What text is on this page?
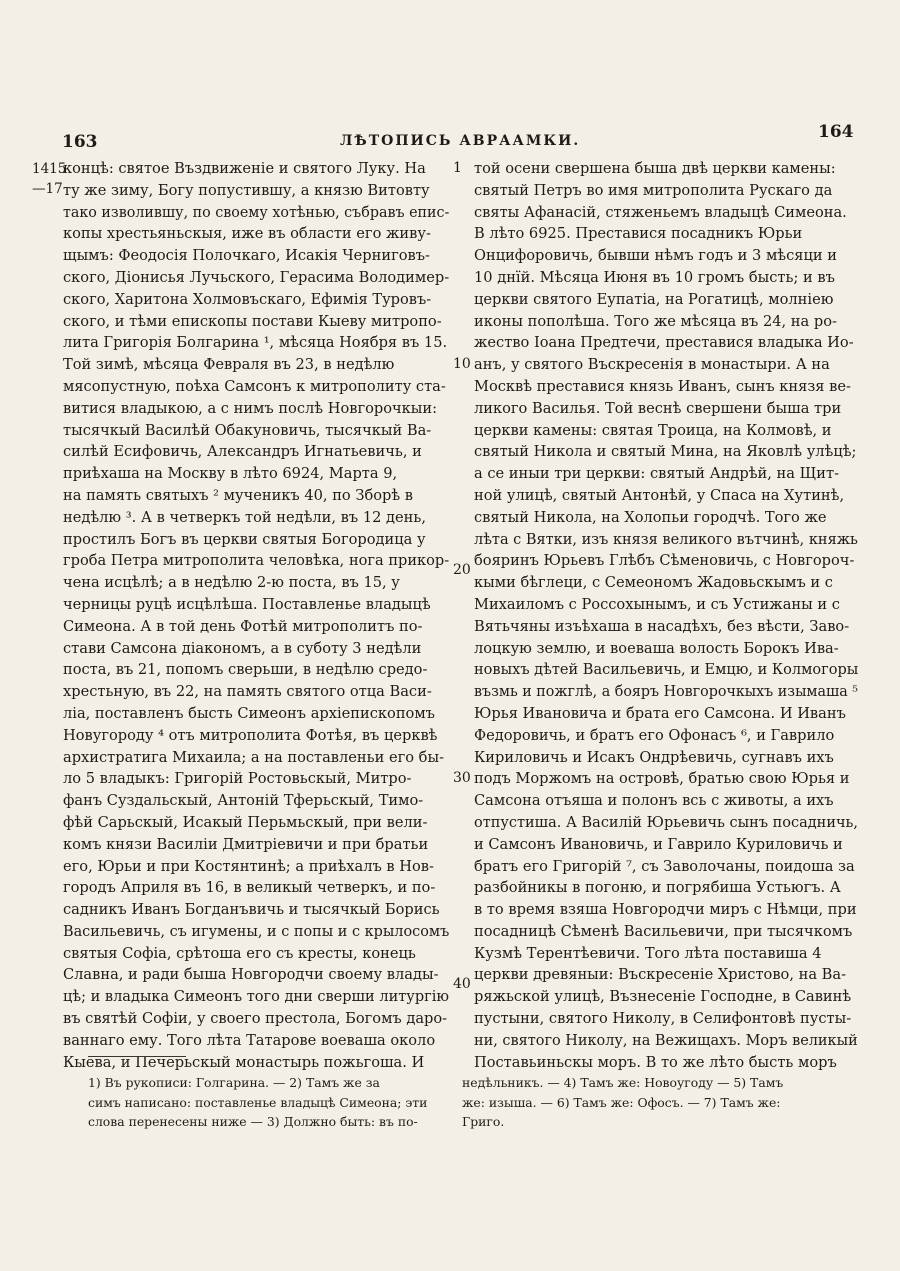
163	ЛѢТОПИСЬ АВРААМКИ.	164
1415
—17
1
10
20
30
40
концѣ: святое Въздвиженіе и святого Луку. На
ту же зиму, Богу попустившу, а князю Витовту
тако изволившу, по своему хотѣнью, събравъ епис-
копы хрестьяньскыя, иже въ области его живу-
щымъ: Феодосія Полочкаго, Исакія Черниговъ-
ского, Діонисья Лучьского, Герасима Володимер-
ского, Харитона Холмовъскаго, Ефимія Туровъ-
ского, и тѣми епископы постави Кыеву митропо-
лита Григорія Болгарина ¹, мѣсяца Ноября въ 15.
Той зимѣ, мѣсяца Февраля въ 23, в недѣлю
мясопустную, поѣха Самсонъ к митрополиту ста-
витися владыкою, а с нимъ послѣ Новгорочкыи:
тысячкый Василѣй Обакуновичь, тысячкый Ва-
силѣй Есифовичь, Александръ Игнатьевичь, и
приѣхаша на Москву в лѣто 6924, Марта 9,
на память святыхъ ² мученикъ 40, по Зборѣ в
недѣлю ³. А в четверкъ той недѣли, въ 12 день,
простилъ Богъ въ церкви святыя Богородица у
гроба Петра митрополита человѣка, нога прикор-
чена исцѣлѣ; а в недѣлю 2-ю поста, въ 15, у
черницы руцѣ исцѣлѣша. Поставленье владыцѣ
Симеона. А в той день Фотѣй митрополитъ по-
стави Самсона діакономъ, а в суботу 3 недѣли
поста, въ 21, попомъ сверьши, в недѣлю средо-
хрестьную, въ 22, на память святого отца Васи-
ліа, поставленъ бысть Симеонъ архіепископомъ
Новугороду ⁴ отъ митрополита Фотѣя, въ церквѣ
архистратига Михаила; а на поставленьи его бы-
ло 5 владыкъ: Григорій Ростовьскый, Митро-
фанъ Суздальскый, Антоній Тферьскый, Тимо-
фѣй Сарьскый, Исакый Перьмьскый, при вели-
комъ князи Василіи Дмитріевичи и при братьи
его, Юрьи и при Костянтинѣ; а приѣхалъ в Нов-
городъ Априля въ 16, в великый четверкъ, и по-
садникъ Иванъ Богданъвичь и тысячкый Борись
Васильевичь, съ игумены, и с попы и с крылосомъ
святыя Софіа, срѣтоша его съ кресты, конець
Славна, и ради быша Новгородчи своему влады-
цѣ; и владыка Симеонъ того дни сверши литургію
въ святѣй Софіи, у своего престола, Богомъ даро-
ваннаго ему. Того лѣта Татарове воеваша около
Кыева, и Печерьскый монастырь пожьгоша. И
той осени свершена быша двѣ церкви камены:
святый Петръ во имя митрополита Рускаго да
святы Афанасій, стяженьемъ владыцѣ Симеона.
В лѣто 6925. Преставися посадникъ Юрьи
Онцифоровичь, бывши нѣмъ годъ и 3 мѣсяци и
10 днїй. Мѣсяца Июня въ 10 громъ бысть; и въ
церкви святого Еупатіа, на Рогатицѣ, молніею
иконы пополѣша. Того же мѣсяца въ 24, на ро-
жество Іоана Предтечи, преставися владыка Ио-
анъ, у святого Въскресенія в монастыри. А на
Москвѣ преставися князь Иванъ, сынъ князя ве-
ликого Василья. Той веснѣ свершени быша три
церкви камены: святая Троица, на Колмовѣ, и
святый Никола и святый Мина, на Яковлѣ улѣцѣ;
а се иныи три церкви: святый Андрѣй, на Щит-
ной улицѣ, святый Антонѣй, у Спаса на Хутинѣ,
святый Никола, на Холопьи городчѣ. Того же
лѣта с Вятки, изъ князя великого вътчинѣ, княжь
бояринъ Юрьевъ Глѣбъ Сѣменовичь, с Новгороч-
кыми бѣглеци, с Семеономъ Жадовьскымъ и с
Михаиломъ с Россохынымъ, и съ Устижаны и с
Вятьчяны изъѣхаша в насадѣхъ, без вѣсти, Заво-
лоцкую землю, и воеваша волость Борокъ Ива-
новыхъ дѣтей Васильевичь, и Емцю, и Колмогоры
възмь и пожглѣ, а бояръ Новгорочкыхъ изымаша ⁵
Юрья Ивановича и брата его Самсона. И Иванъ
Федоровичь, и братъ его Офонасъ ⁶, и Гаврило
Кириловичь и Исакъ Ондрѣевичь, сугнавъ ихъ
подъ Моржомъ на островѣ, братью свою Юрья и
Самсона отъяша и полонъ всь с животы, а ихъ
отпустиша. А Василій Юрьевичь сынъ посадничь,
и Самсонъ Ивановичь, и Гаврило Куриловичь и
братъ его Григорій ⁷, съ Заволочаны, поидоша за
разбойникы в погоню, и погрябиша Устьюгъ. А
в то время взяша Новгородчи миръ с Нѣмци, при
посадницѣ Сѣменѣ Васильевичи, при тысячкомъ
Кузмѣ Терентѣевичи. Того лѣта поставиша 4
церкви древяныи: Въскресеніе Христово, на Ва-
ряжьской улицѣ, Възнесеніе Господне, в Савинѣ
пустыни, святого Николу, в Селифонтовѣ пусты-
ни, святого Николу, на Вежищахъ. Моръ великый
Поставьиньскы моръ. В то же лѣто бысть моръ
1) Въ рукописи: Голгарина. — 2) Тамъ же за
симъ написано: поставленье владыцѣ Симеона; эти
слова перенесены ниже — 3) Должно быть: въ по-
недѣльникъ. — 4) Тамъ же: Новоугоду — 5) Тамъ
же: изыша. — 6) Тамъ же: Офосъ. — 7) Тамъ же:
Григо.
